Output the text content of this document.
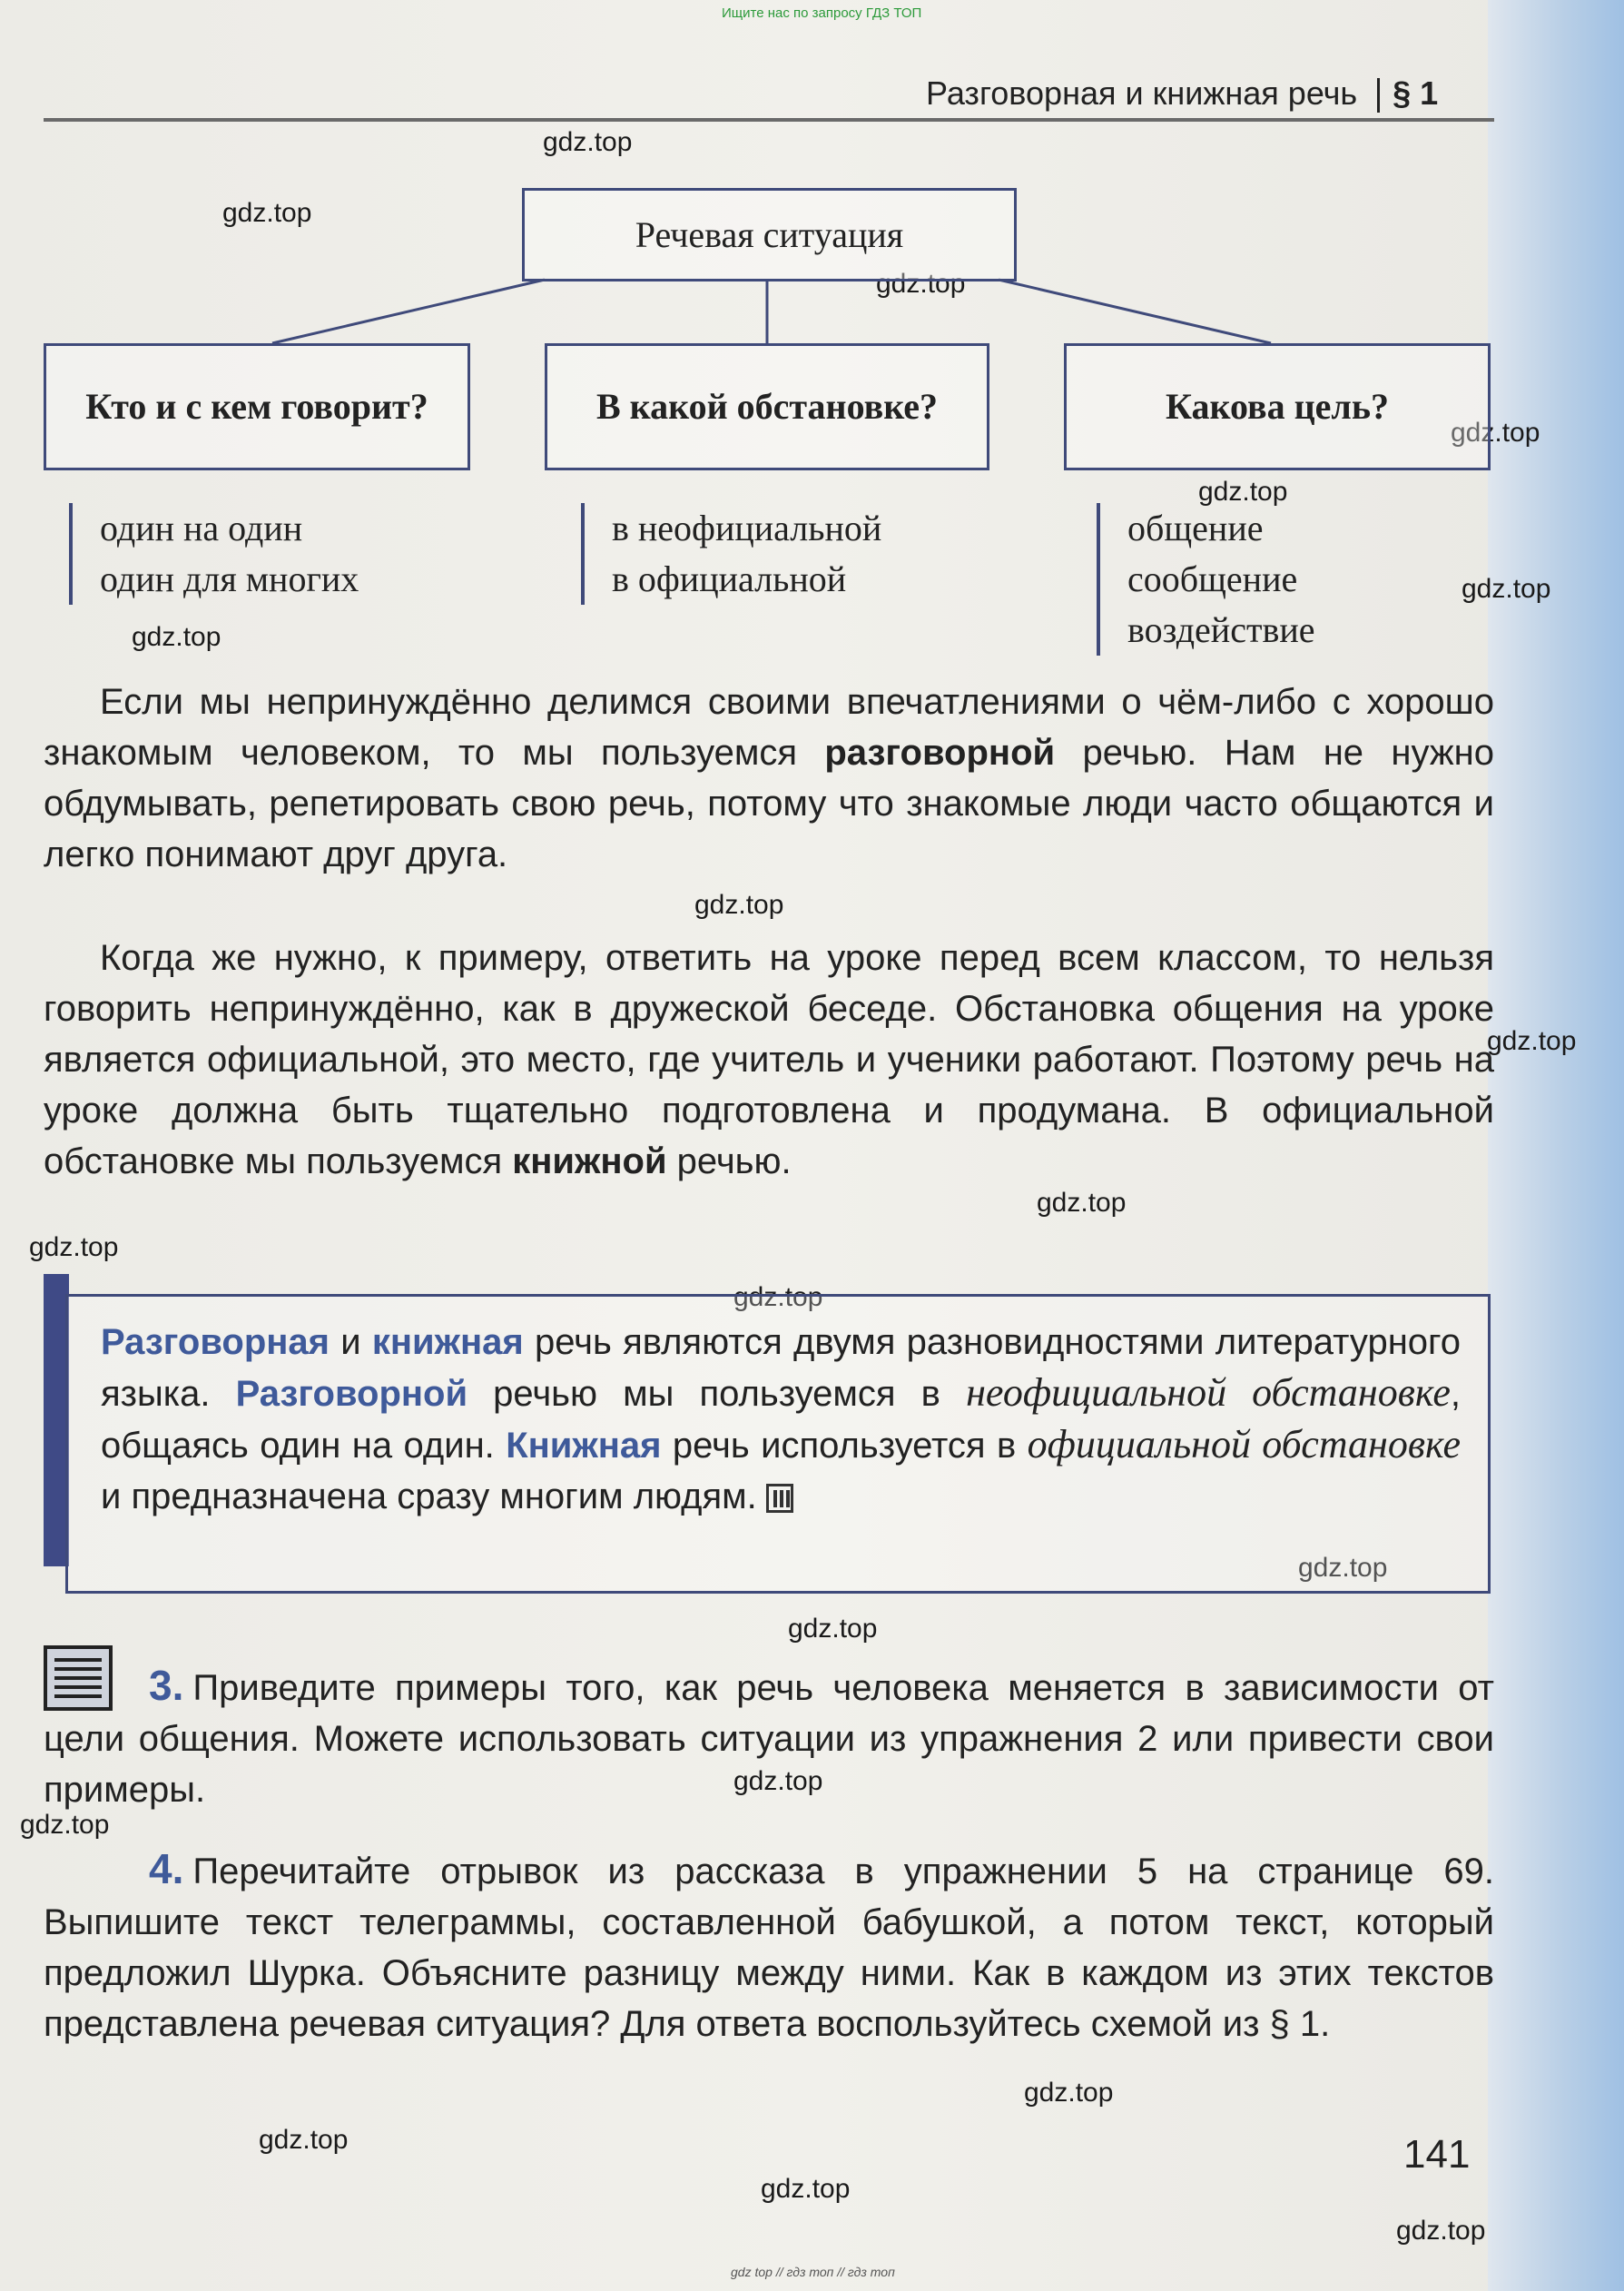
Ищите нас по запросу ГДЗ ТОП
Разговорная и книжная речь § 1
gdz.top
gdz.top
gdz.top
gdz.top
gdz.top
gdz.top
gdz.top
gdz.top
gdz.top
gdz.top
gdz.top
gdz.top
gdz.top
gdz.top
gdz.top
gdz.top
gdz.top
gdz.top
gdz.top
gdz.top
Речевая ситуация
Кто и с кем говорит?	В какой обстановке?	Какова цель?
один на один
один для многих
в неофициальной
в официальной
общение
сообщение
воздействие

Если мы непринуждённо делимся своими впечатлениями о чём-либо с хорошо знакомым человеком, то мы пользуемся разговорной речью. Нам не нужно обдумывать, репетировать свою речь, потому что знакомые люди часто общаются и легко понимают друг друга.

Когда же нужно, к примеру, ответить на уроке перед всем классом, то нельзя говорить непринуждённо, как в дружеской беседе. Обстановка общения на уроке является официальной, это место, где учитель и ученики работают. Поэтому речь на уроке должна быть тщательно подготовлена и продумана. В официальной обстановке мы пользуемся книжной речью.

Разговорная и книжная речь являются двумя разновидностями литературного языка. Разговорной речью мы пользуемся в неофициальной обстановке, общаясь один на один. Книжная речь используется в официальной обстановке и предназначена сразу многим людям.
3. Приведите примеры того, как речь человека меняется в зависимости от цели общения. Можете использовать ситуации из упражнения 2 или привести свои примеры.
4. Перечитайте отрывок из рассказа в упражнении 5 на странице 69. Выпишите текст телеграммы, составленной бабушкой, а потом текст, который предложил Шурка. Объясните разницу между ними. Как в каждом из этих текстов представлена речевая ситуация? Для ответа воспользуйтесь схемой из § 1.
141
gdz top // гдз топ // гдз топ
